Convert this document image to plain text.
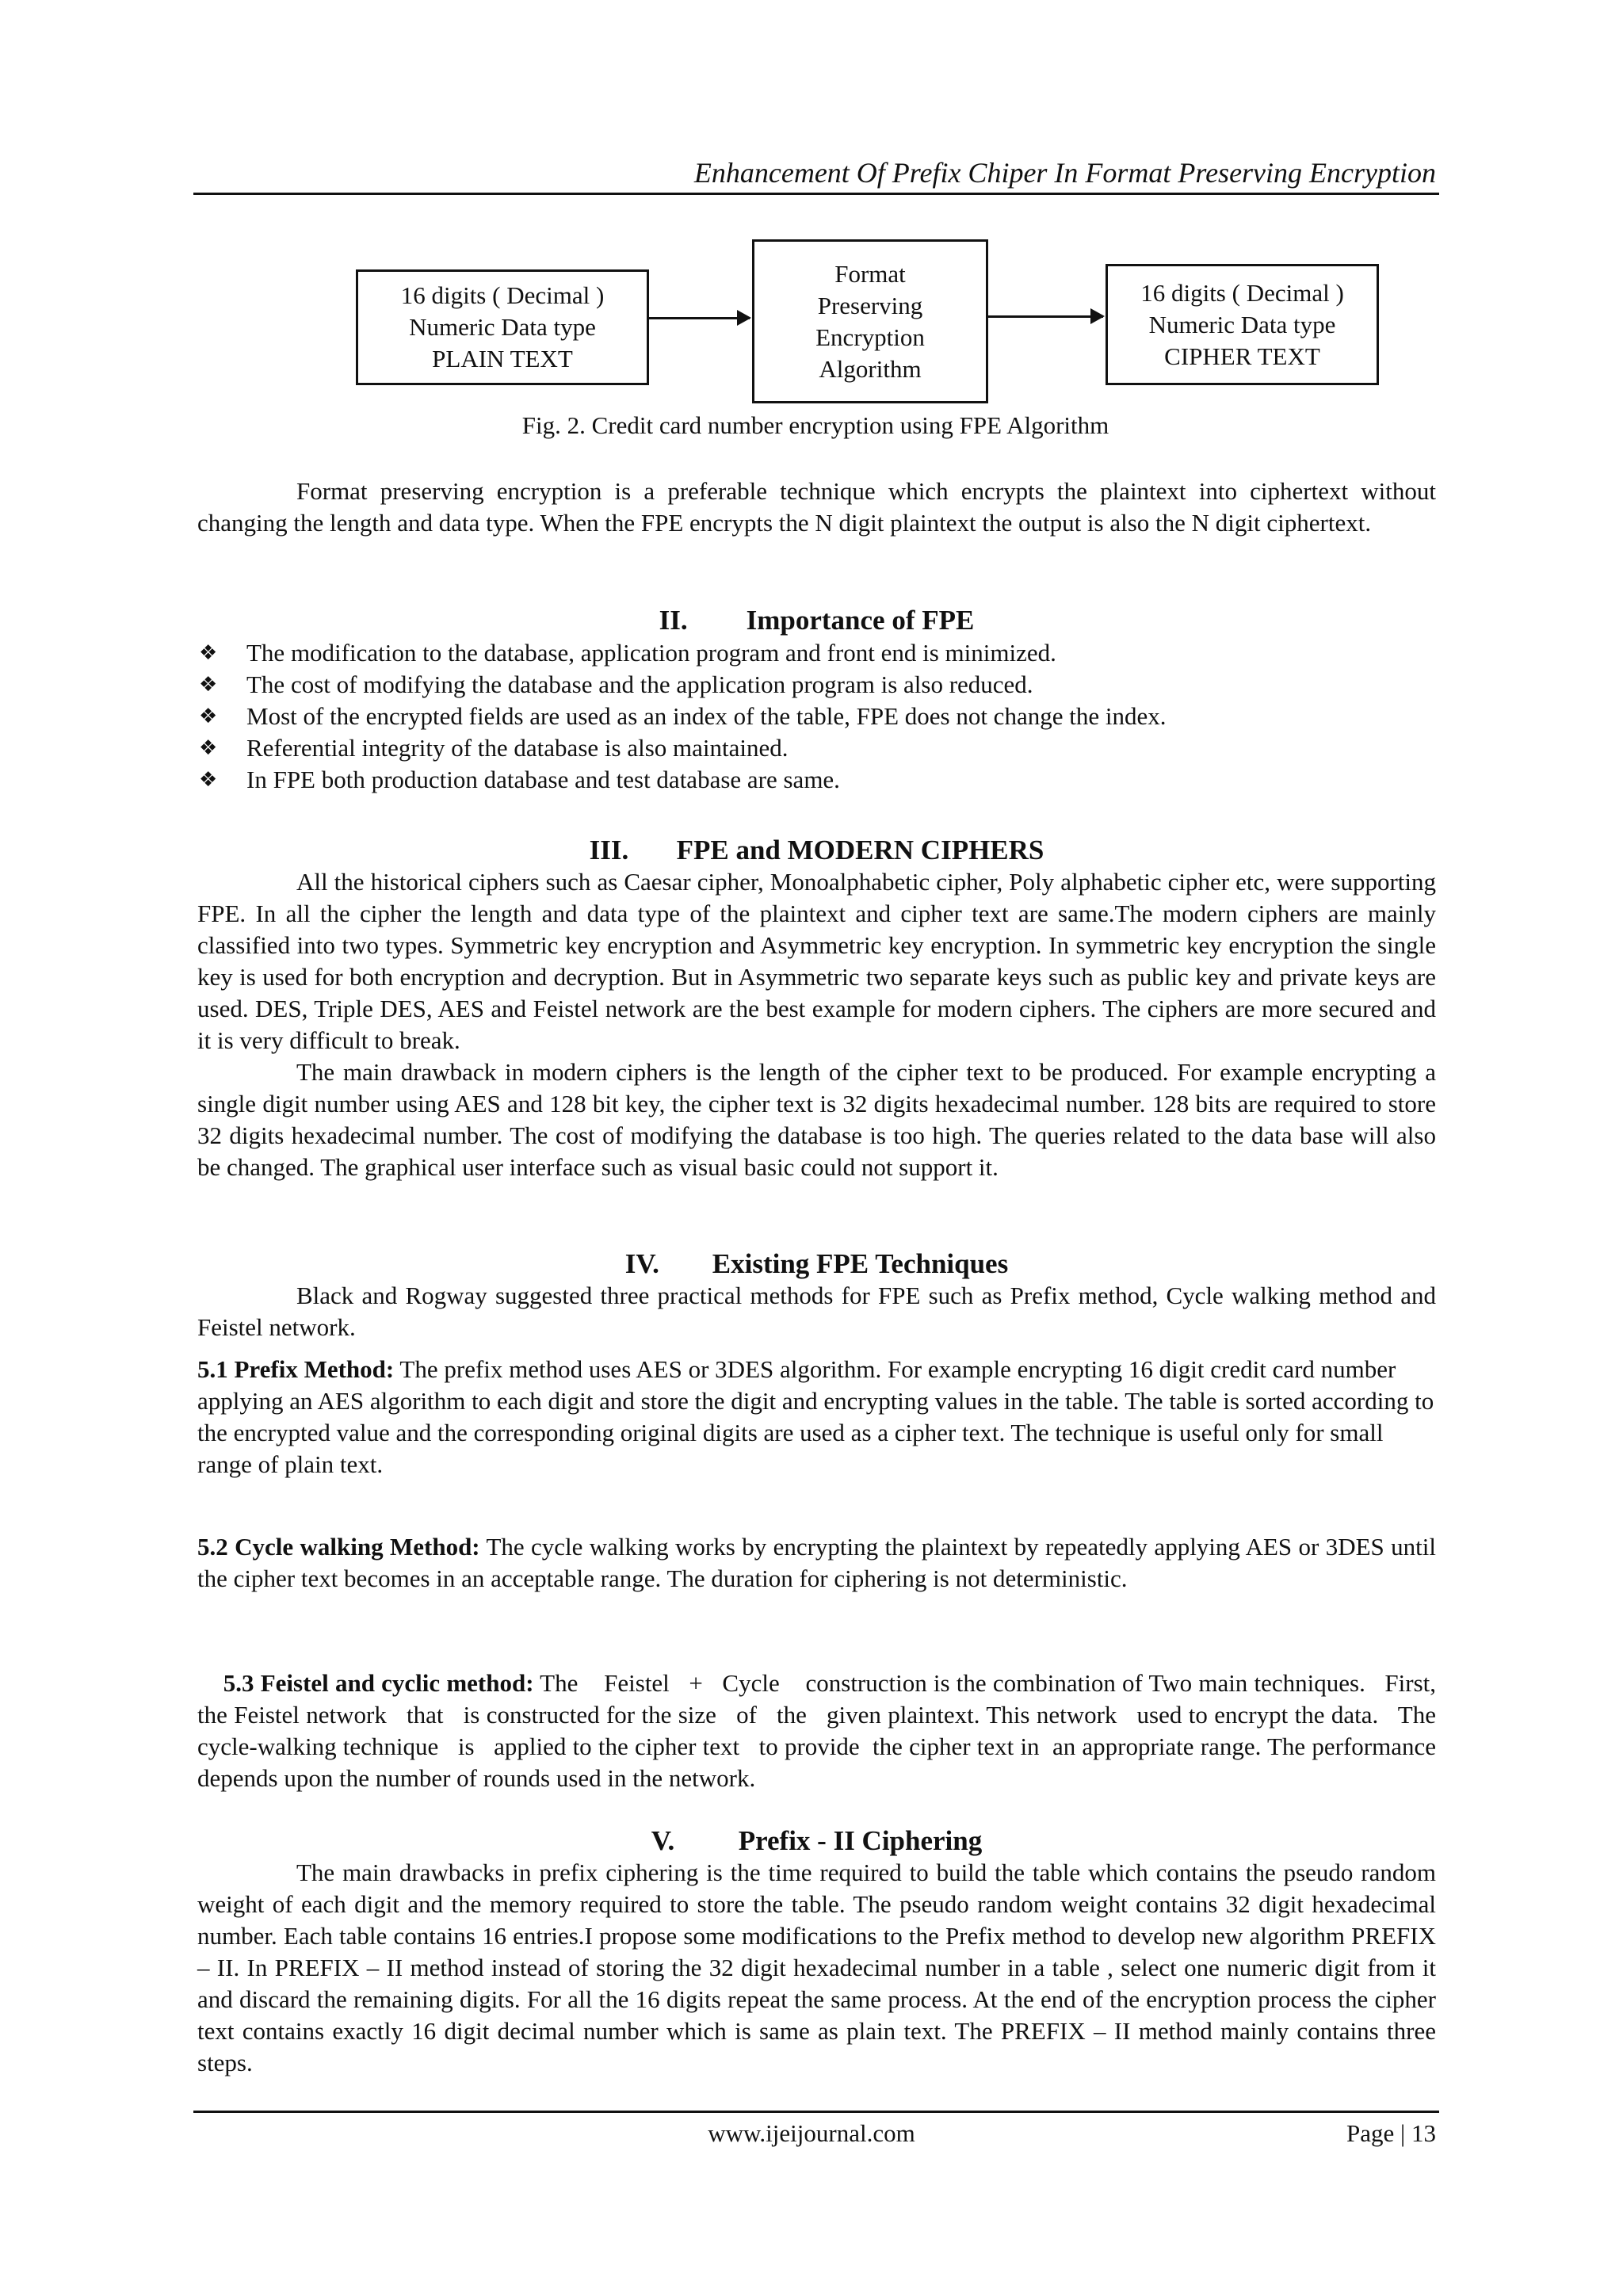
Enhancement Of Prefix Chiper In Format Preserving Encryption
16 digits ( Decimal )
Numeric Data type
PLAIN TEXT
Format
Preserving
Encryption
Algorithm
16 digits ( Decimal )
Numeric Data type
CIPHER TEXT
Fig. 2. Credit card number encryption using FPE Algorithm

Format preserving encryption is a preferable technique which encrypts the plaintext into ciphertext without changing the length and data type. When the FPE encrypts the N digit plaintext the output is also the N digit ciphertext.

II. Importance of FPE
❖ The modification to the database, application program and front end is minimized.
❖ The cost of modifying the database and the application program is also reduced.
❖ Most of the encrypted fields are used as an index of the table, FPE does not change the index.
❖ Referential integrity of the database is also maintained.
❖ In FPE both production database and test database are same.
III. FPE and MODERN CIPHERS

All the historical ciphers such as Caesar cipher, Monoalphabetic cipher, Poly alphabetic cipher etc, were supporting FPE. In all the cipher the length and data type of the plaintext and cipher text are same.The modern ciphers are mainly classified into two types. Symmetric key encryption and Asymmetric key encryption. In symmetric key encryption the single key is used for both encryption and decryption. But in Asymmetric two separate keys such as public key and private keys are used. DES, Triple DES, AES and Feistel network are the best example for modern ciphers. The ciphers are more secured and it is very difficult to break.

The main drawback in modern ciphers is the length of the cipher text to be produced. For example encrypting a single digit number using AES and 128 bit key, the cipher text is 32 digits hexadecimal number. 128 bits are required to store 32 digits hexadecimal number. The cost of modifying the database is too high. The queries related to the data base will also be changed. The graphical user interface such as visual basic could not support it.

IV. Existing FPE Techniques

Black and Rogway suggested three practical methods for FPE such as Prefix method, Cycle walking method and Feistel network.

5.1 Prefix Method: The prefix method uses AES or 3DES algorithm. For example encrypting 16 digit credit card number applying an AES algorithm to each digit and store the digit and encrypting values in the table. The table is sorted according to the encrypted value and the corresponding original digits are used as a cipher text. The technique is useful only for small range of plain text.

5.2 Cycle walking Method: The cycle walking works by encrypting the plaintext by repeatedly applying AES or 3DES until the cipher text becomes in an acceptable range. The duration for ciphering is not deterministic.

5.3 Feistel and cyclic method: The    Feistel   +   Cycle    construction is the combination of Two main techniques.   First,   the Feistel network   that   is constructed for the size   of   the   given plaintext. This network   used to encrypt the data.   The cycle-walking technique   is   applied to the cipher text   to provide  the cipher text in  an appropriate range. The performance depends upon the number of rounds used in the network.

V. Prefix - II Ciphering

The main drawbacks in prefix ciphering is the time required to build the table which contains the pseudo random weight of each digit and the memory required to store the table. The pseudo random weight contains 32 digit hexadecimal number. Each table contains 16 entries.I propose some modifications to the Prefix method to develop new algorithm PREFIX – II. In PREFIX – II method instead of storing the 32 digit hexadecimal number in a table , select one numeric digit from it and discard the remaining digits. For all the 16 digits repeat the same process. At the end of the encryption process the cipher text contains exactly 16 digit decimal number which is same as plain text. The PREFIX – II method mainly contains three steps.

www.ijeijournal.com	Page | 13
